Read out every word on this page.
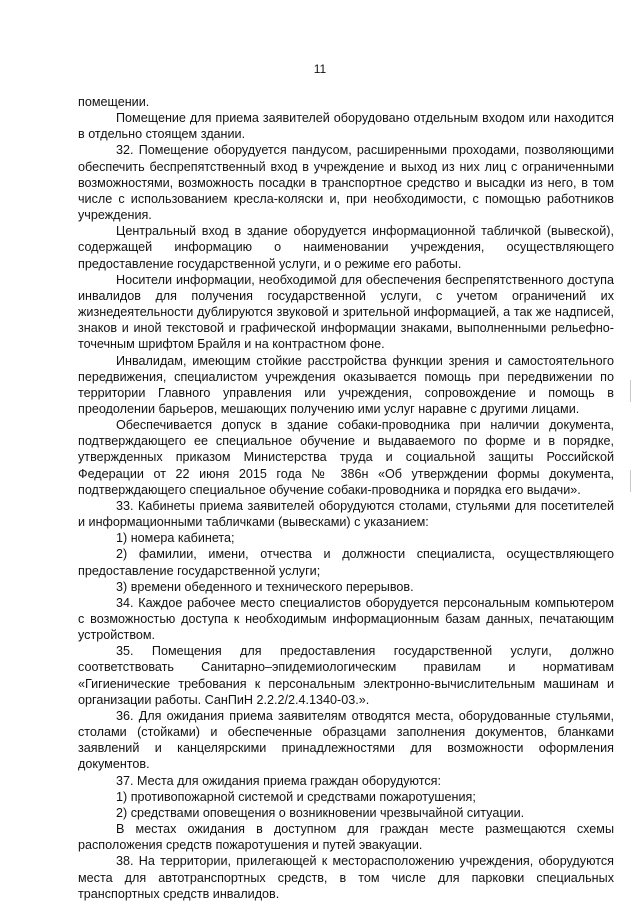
11

помещении.

Помещение для приема заявителей оборудовано отдельным входом или находится в отдельно стоящем здании.

32. Помещение оборудуется пандусом, расширенными проходами, позволяющими обеспечить беспрепятственный вход в учреждение и выход из них лиц с ограниченными возможностями, возможность посадки в транспортное средство и высадки из него, в том числе с использованием кресла-коляски и, при необходимости, с помощью работников учреждения.

Центральный вход в здание оборудуется информационной табличкой (вывеской), содержащей информацию о наименовании учреждения, осуществляющего предоставление государственной услуги, и о режиме его работы.

Носители информации, необходимой для обеспечения беспрепятственного доступа инвалидов для получения государственной услуги, с учетом ограничений их жизнедеятельности дублируются звуковой и зрительной информацией, а так же надписей, знаков и иной текстовой и графической информации знаками, выполненными рельефно-точечным шрифтом Брайля и на контрастном фоне.

Инвалидам, имеющим стойкие расстройства функции зрения и самостоятельного передвижения, специалистом учреждения оказывается помощь при передвижении по территории Главного управления или учреждения, сопровождение и помощь в преодолении барьеров, мешающих получению ими услуг наравне с другими лицами.

Обеспечивается допуск в здание собаки-проводника при наличии документа, подтверждающего ее специальное обучение и выдаваемого по форме и в порядке, утвержденных приказом Министерства труда и социальной защиты Российской Федерации от 22 июня 2015 года № 386н «Об утверждении формы документа, подтверждающего специальное обучение собаки-проводника и порядка его выдачи».

33. Кабинеты приема заявителей оборудуются столами, стульями для посетителей и информационными табличками (вывесками) с указанием:

1) номера кабинета;

2) фамилии, имени, отчества и должности специалиста, осуществляющего предоставление государственной услуги;

3) времени обеденного и технического перерывов.

34. Каждое рабочее место специалистов оборудуется персональным компьютером с возможностью доступа к необходимым информационным базам данных, печатающим устройством.

35. Помещения для предоставления государственной услуги, должно соответствовать Санитарно–эпидемиологическим правилам и нормативам «Гигиенические требования к персональным электронно-вычислительным машинам и организации работы. СанПиН 2.2.2/2.4.1340-03.».

36. Для ожидания приема заявителям отводятся места, оборудованные стульями, столами (стойками) и обеспеченные образцами заполнения документов, бланками заявлений и канцелярскими принадлежностями для возможности оформления документов.

37. Места для ожидания приема граждан оборудуются:

1) противопожарной системой и средствами пожаротушения;

2) средствами оповещения о возникновении чрезвычайной ситуации.

В местах ожидания в доступном для граждан месте размещаются схемы расположения средств пожаротушения и путей эвакуации.

38. На территории, прилегающей к месторасположению учреждения, оборудуются места для автотранспортных средств, в том числе для парковки специальных транспортных средств инвалидов.
